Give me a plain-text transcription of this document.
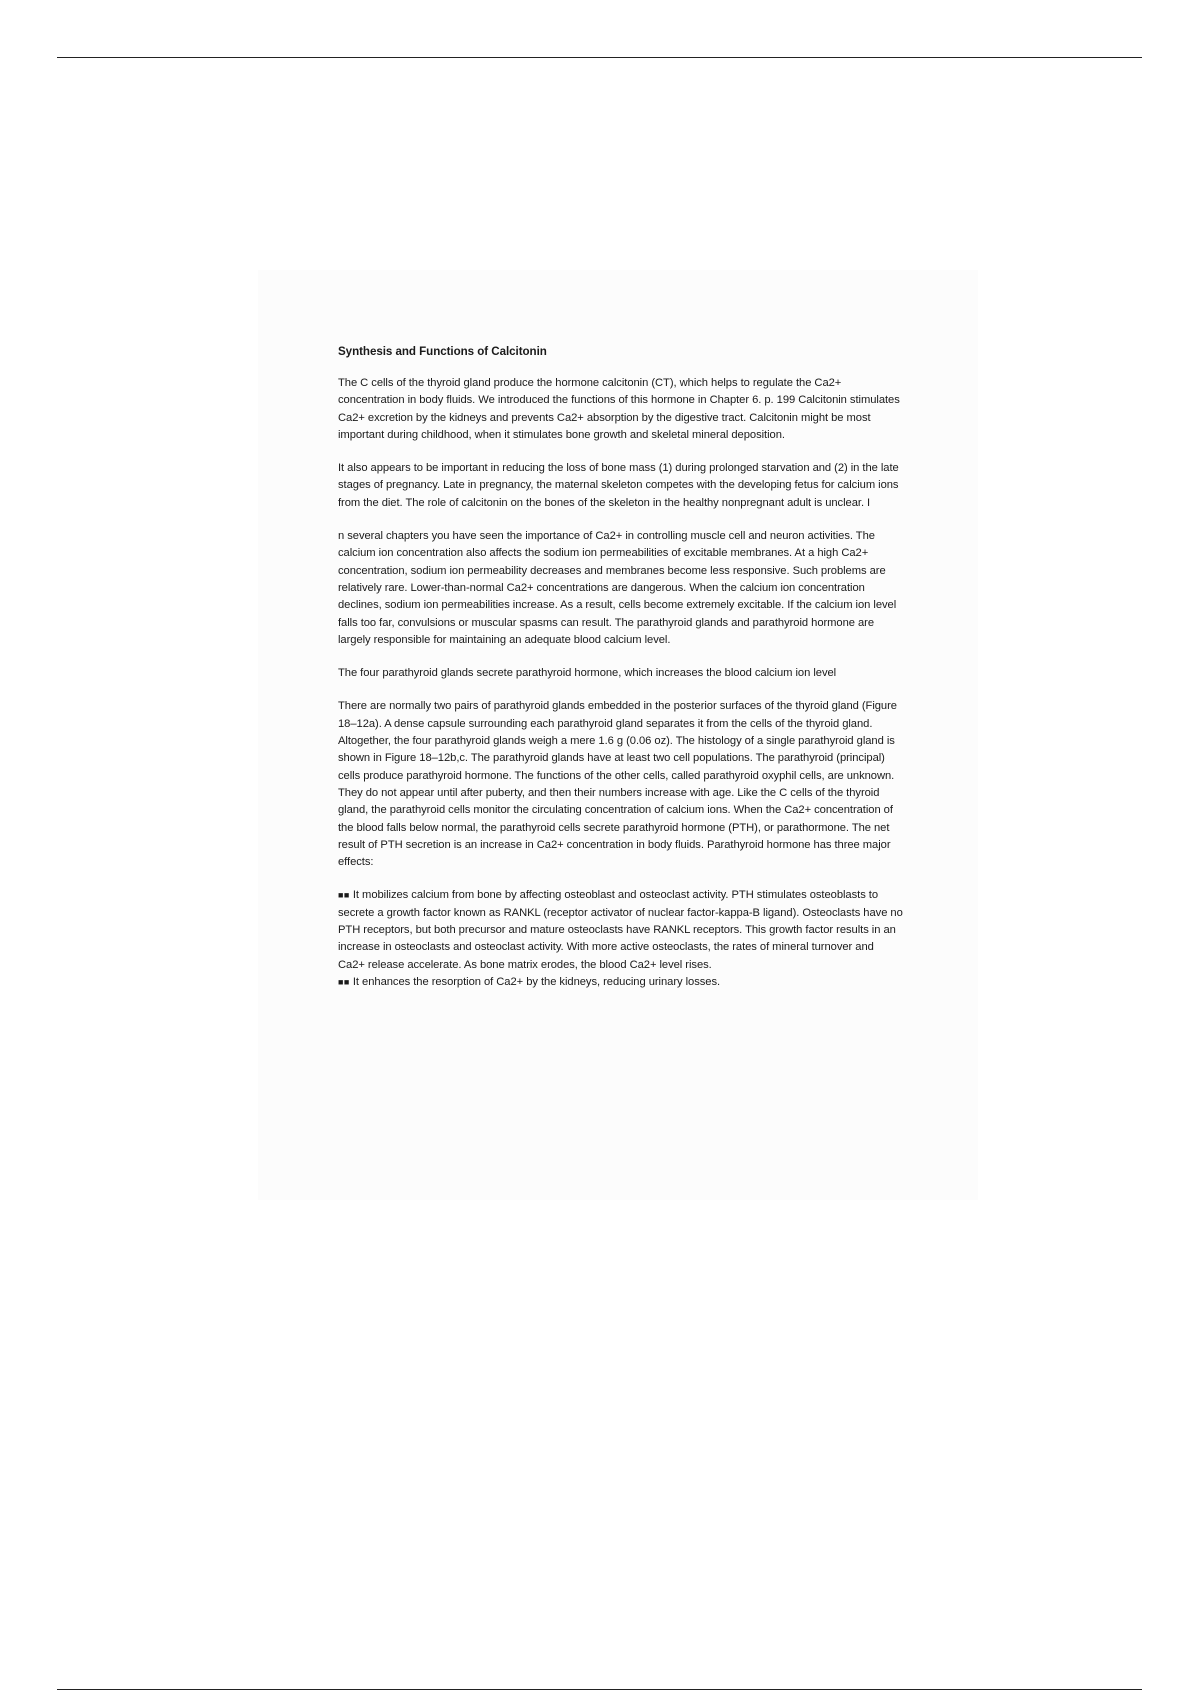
Synthesis and Functions of Calcitonin

The C cells of the thyroid gland produce the hormone calcitonin (CT), which helps to regulate the Ca2+ concentration in body fluids. We introduced the functions of this hormone in Chapter 6. p. 199 Calcitonin stimulates Ca2+ excretion by the kidneys and prevents Ca2+ absorption by the digestive tract. Calcitonin might be most important during childhood, when it stimulates bone growth and skeletal mineral deposition.

It also appears to be important in reducing the loss of bone mass (1) during prolonged starvation and (2) in the late stages of pregnancy. Late in pregnancy, the maternal skeleton competes with the developing fetus for calcium ions from the diet. The role of calcitonin on the bones of the skeleton in the healthy nonpregnant adult is unclear. I

n several chapters you have seen the importance of Ca2+ in controlling muscle cell and neuron activities. The calcium ion concentration also affects the sodium ion permeabilities of excitable membranes. At a high Ca2+ concentration, sodium ion permeability decreases and membranes become less responsive. Such problems are relatively rare. Lower-than-normal Ca2+ concentrations are dangerous. When the calcium ion concentration declines, sodium ion permeabilities increase. As a result, cells become extremely excitable. If the calcium ion level falls too far, convulsions or muscular spasms can result. The parathyroid glands and parathyroid hormone are largely responsible for maintaining an adequate blood calcium level.

The four parathyroid glands secrete parathyroid hormone, which increases the blood calcium ion level

There are normally two pairs of parathyroid glands embedded in the posterior surfaces of the thyroid gland (Figure 18–12a). A dense capsule surrounding each parathyroid gland separates it from the cells of the thyroid gland. Altogether, the four parathyroid glands weigh a mere 1.6 g (0.06 oz). The histology of a single parathyroid gland is shown in Figure 18–12b,c. The parathyroid glands have at least two cell populations. The parathyroid (principal) cells produce parathyroid hormone. The functions of the other cells, called parathyroid oxyphil cells, are unknown. They do not appear until after puberty, and then their numbers increase with age. Like the C cells of the thyroid gland, the parathyroid cells monitor the circulating concentration of calcium ions. When the Ca2+ concentration of the blood falls below normal, the parathyroid cells secrete parathyroid hormone (PTH), or parathormone. The net result of PTH secretion is an increase in Ca2+ concentration in body fluids. Parathyroid hormone has three major effects:

■■ It mobilizes calcium from bone by affecting osteoblast and osteoclast activity. PTH stimulates osteoblasts to secrete a growth factor known as RANKL (receptor activator of nuclear factor-kappa-B ligand). Osteoclasts have no PTH receptors, but both precursor and mature osteoclasts have RANKL receptors. This growth factor results in an increase in osteoclasts and osteoclast activity. With more active osteoclasts, the rates of mineral turnover and Ca2+ release accelerate. As bone matrix erodes, the blood Ca2+ level rises.

■■ It enhances the resorption of Ca2+ by the kidneys, reducing urinary losses.
